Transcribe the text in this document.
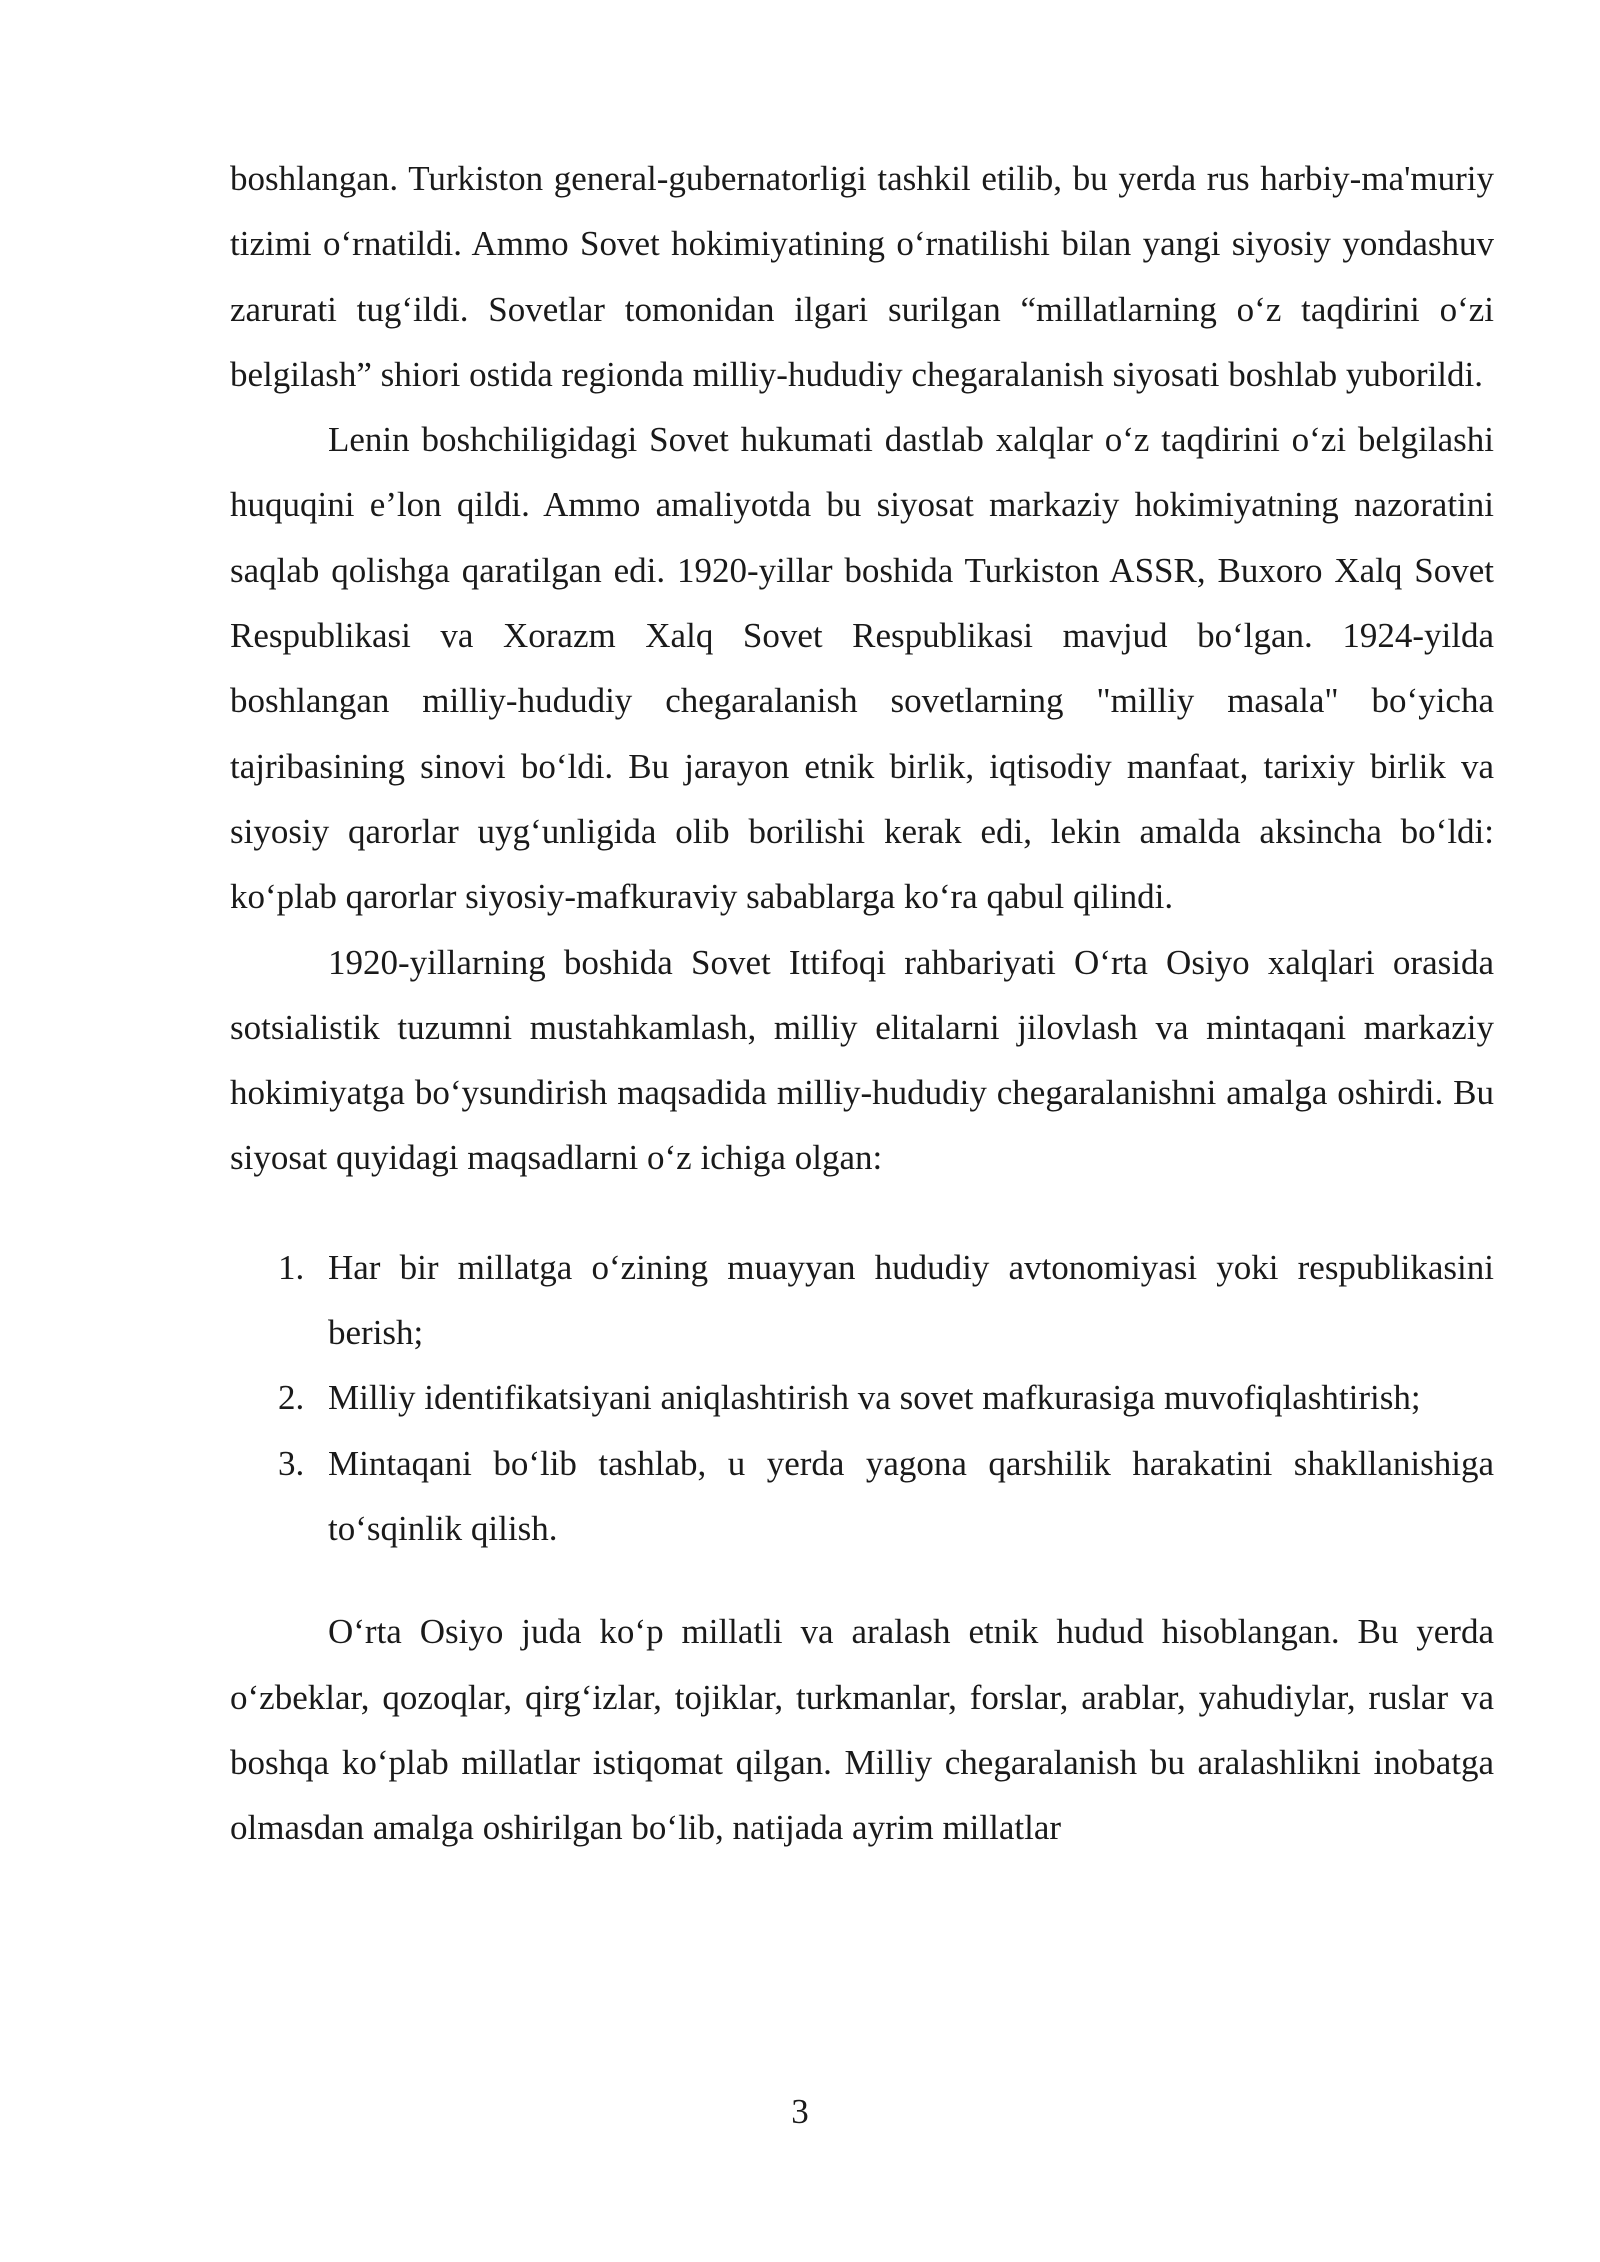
boshlangan. Turkiston general-gubernatorligi tashkil etilib, bu yerda rus harbiy-ma'muriy tizimi o‘rnatildi. Ammo Sovet hokimiyatining o‘rnatilishi bilan yangi siyosiy yondashuv zarurati tug‘ildi. Sovetlar tomonidan ilgari surilgan “millatlarning o‘z taqdirini o‘zi belgilash” shiori ostida regionda milliy-hududiy chegaralanish siyosati boshlab yuborildi.

Lenin boshchiligidagi Sovet hukumati dastlab xalqlar o‘z taqdirini o‘zi belgilashi huquqini e’lon qildi. Ammo amaliyotda bu siyosat markaziy hokimiyatning nazoratini saqlab qolishga qaratilgan edi. 1920-yillar boshida Turkiston ASSR, Buxoro Xalq Sovet Respublikasi va Xorazm Xalq Sovet Respublikasi mavjud bo‘lgan. 1924-yilda boshlangan milliy-hududiy chegaralanish sovetlarning "milliy masala" bo‘yicha tajribasining sinovi bo‘ldi. Bu jarayon etnik birlik, iqtisodiy manfaat, tarixiy birlik va siyosiy qarorlar uyg‘unligida olib borilishi kerak edi, lekin amalda aksincha bo‘ldi: ko‘plab qarorlar siyosiy-mafkuraviy sabablarga ko‘ra qabul qilindi.

1920-yillarning boshida Sovet Ittifoqi rahbariyati O‘rta Osiyo xalqlari orasida sotsialistik tuzumni mustahkamlash, milliy elitalarni jilovlash va mintaqani markaziy hokimiyatga bo‘ysundirish maqsadida milliy-hududiy chegaralanishni amalga oshirdi. Bu siyosat quyidagi maqsadlarni o‘z ichiga olgan:

1. Har bir millatga o‘zining muayyan hududiy avtonomiyasi yoki respublikasini berish;
2. Milliy identifikatsiyani aniqlashtirish va sovet mafkurasiga muvofiqlashtirish;
3. Mintaqani bo‘lib tashlab, u yerda yagona qarshilik harakatini shakllanishiga to‘sqinlik qilish.

O‘rta Osiyo juda ko‘p millatli va aralash etnik hudud hisoblangan. Bu yerda o‘zbeklar, qozoqlar, qirg‘izlar, tojiklar, turkmanlar, forslar, arablar, yahudiylar, ruslar va boshqa ko‘plab millatlar istiqomat qilgan. Milliy chegaralanish bu aralashlikni inobatga olmasdan amalga oshirilgan bo‘lib, natijada ayrim millatlar

3
